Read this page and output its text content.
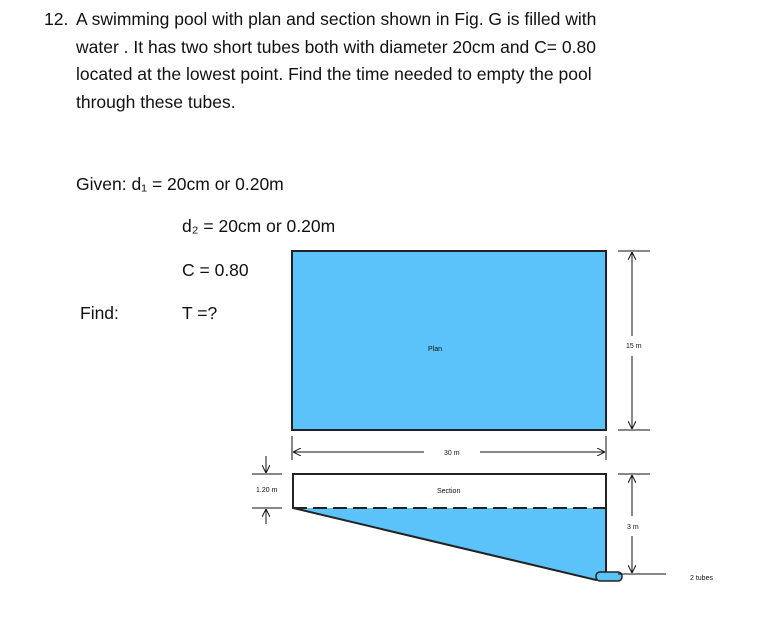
12. A swimming pool with plan and section shown in Fig. G is filled with
water . It has two short tubes both with diameter 20cm and C= 0.80
located at the lowest point. Find the time needed to empty the pool
through these tubes.
Given: d₁ = 20cm or 0.20m
d₂ = 20cm or 0.20m
C = 0.80
Find:	T =?
Plan	15 m
30 m
Section
2 tubes
1.20 m
3 m
